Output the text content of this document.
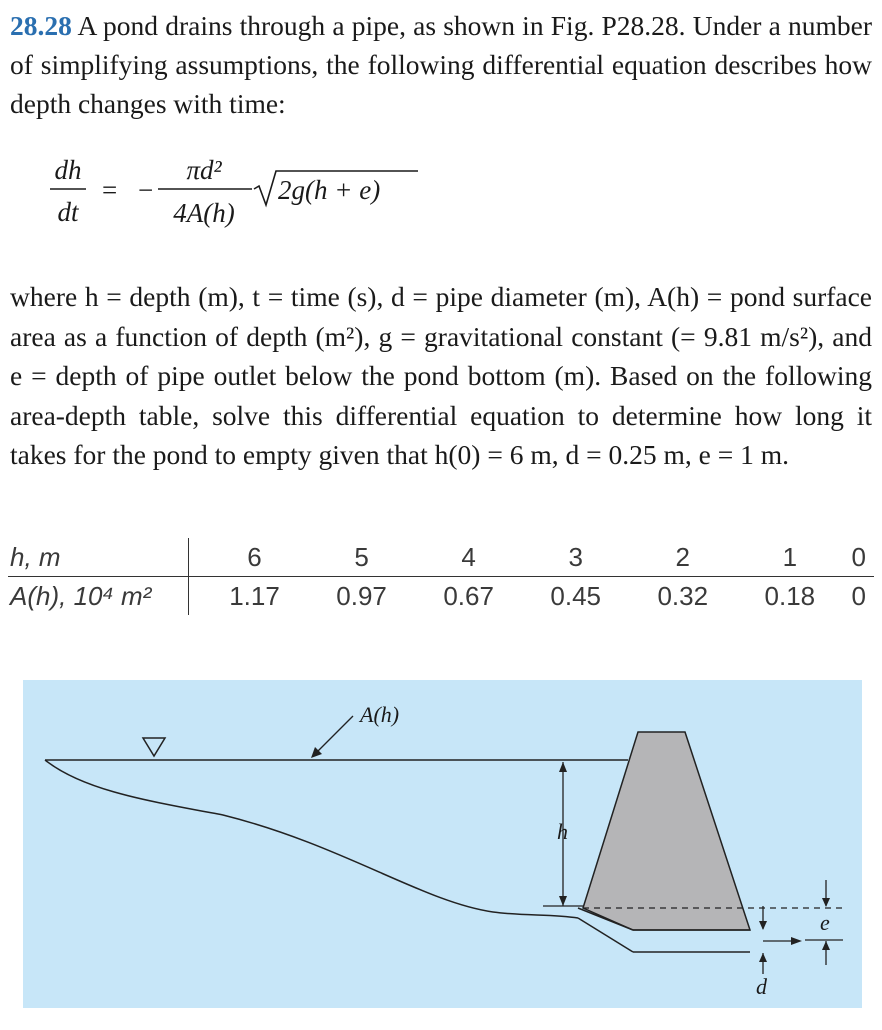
28.28 A pond drains through a pipe, as shown in Fig. P28.28. Under a number of simplifying assumptions, the following differential equation describes how depth changes with time:

dh
dt
= −
πd²
4A(h)
2g(h + e)

where h = depth (m), t = time (s), d = pipe diameter (m), A(h) = pond surface area as a function of depth (m²), g = gravitational constant (= 9.81 m/s²), and e = depth of pipe outlet below the pond bottom (m). Based on the following area-depth table, solve this differential equation to determine how long it takes for the pond to empty given that h(0) = 6 m, d = 0.25 m, e = 1 m.

h, m		6	5	4	3	2	1	0
A(h), 10⁴ m²		1.17	0.97	0.67	0.45	0.32	0.18	0
h
A(h)
e
d
